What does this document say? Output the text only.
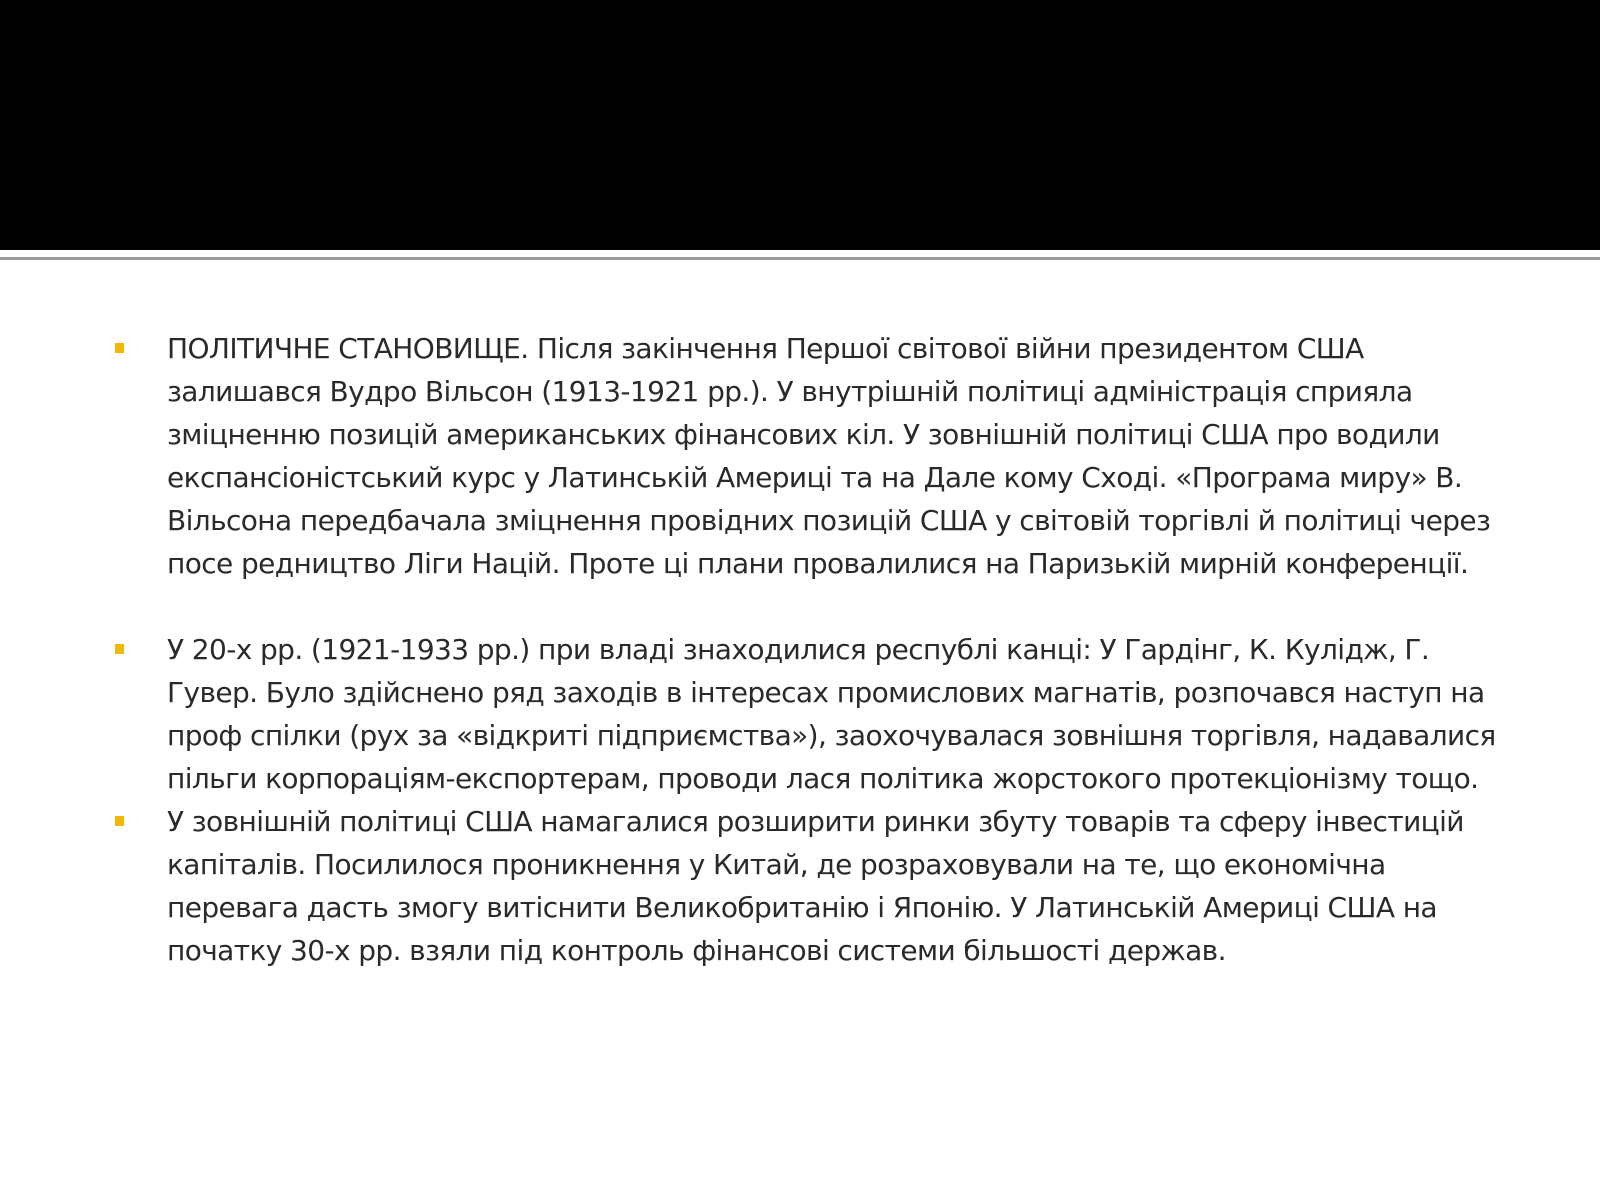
ПОЛІТИЧНЕ СТАНОВИЩЕ. Після закінчення Першої світової війни президентом США залишався Вудро Вільсон (1913-1921 рр.). У внутрішній політиці адміністрація сприяла зміцненню позицій американських фінансових кіл. У зовнішній політиці США про водили експансіоністський курс у Латинській Америці та на Дале кому Сході. «Програма миру» В. Вільсона передбачала зміцнення провідних позицій США у світовій торгівлі й політиці через посе редництво Ліги Націй. Проте ці плани провалилися на Паризькій мирній конференції.
У 20-х рр. (1921-1933 рр.) при владі знаходилися республі канці: У Гардінг, К. Кулідж, Г. Гувер. Було здійснено ряд заходів в інтересах промислових магнатів, розпочався наступ на проф спілки (рух за «відкриті підприємства»), заохочувалася зовнішня торгівля, надавалися пільги корпораціям-експортерам, проводи лася політика жорстокого протекціонізму тощо.
У зовнішній політиці США намагалися розширити ринки збуту товарів та сферу інвестицій капіталів. Посилилося проникнення у Китай, де розраховували на те, що економічна перевага дасть змогу витіснити Великобританію і Японію. У Латинській Америці США на початку 30-х рр. взяли під контроль фінансові системи більшості держав.
